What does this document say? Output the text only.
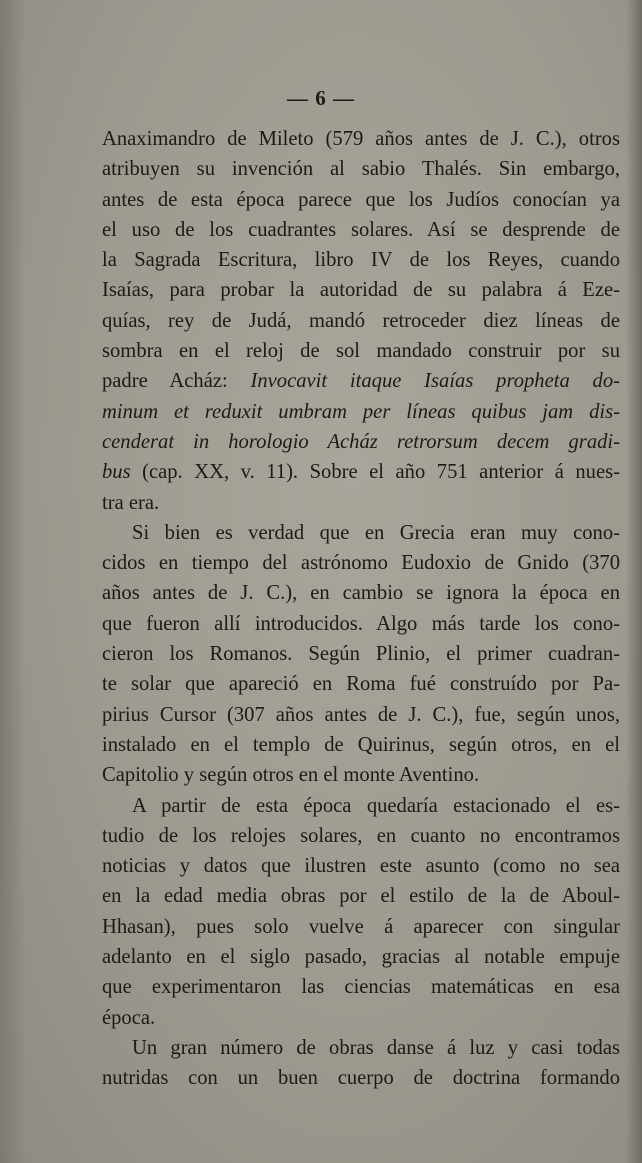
— 6 —
Anaximandro de Mileto (579 años antes de J. C.), otros
atribuyen su invención al sabio Thalés. Sin embargo,
antes de esta época parece que los Judíos conocían ya
el uso de los cuadrantes solares. Así se desprende de
la Sagrada Escritura, libro IV de los Reyes, cuando
Isaías, para probar la autoridad de su palabra á Eze-
quías, rey de Judá, mandó retroceder diez líneas de
sombra en el reloj de sol mandado construir por su
padre Acház: Invocavit itaque Isaías propheta do-
minum et reduxit umbram per líneas quibus jam dis-
cenderat in horologio Acház retrorsum decem gradi-
bus (cap. XX, v. 11). Sobre el año 751 anterior á nues-
tra era.
Si bien es verdad que en Grecia eran muy cono-
cidos en tiempo del astrónomo Eudoxio de Gnido (370
años antes de J. C.), en cambio se ignora la época en
que fueron allí introducidos. Algo más tarde los cono-
cieron los Romanos. Según Plinio, el primer cuadran-
te solar que apareció en Roma fué construído por Pa-
pirius Cursor (307 años antes de J. C.), fue, según unos,
instalado en el templo de Quirinus, según otros, en el
Capitolio y según otros en el monte Aventino.
A partir de esta época quedaría estacionado el es-
tudio de los relojes solares, en cuanto no encontramos
noticias y datos que ilustren este asunto (como no sea
en la edad media obras por el estilo de la de Aboul-
Hhasan), pues solo vuelve á aparecer con singular
adelanto en el siglo pasado, gracias al notable empuje
que experimentaron las ciencias matemáticas en esa
época.
Un gran número de obras danse á luz y casi todas
nutridas con un buen cuerpo de doctrina formando
